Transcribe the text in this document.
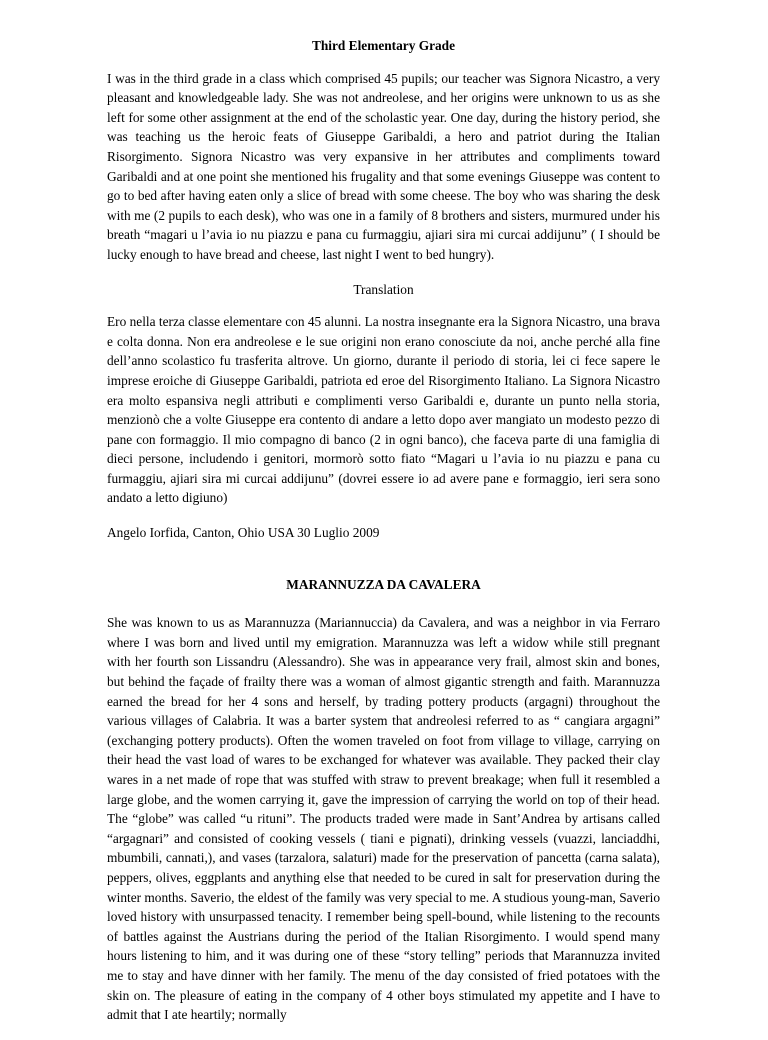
Third Elementary Grade

I was in the third grade in a class which comprised 45 pupils; our teacher was Signora Nicastro, a very pleasant and knowledgeable lady. She was not andreolese, and her origins were unknown to us as she left for some other assignment at the end of the scholastic year. One day, during the history period, she was teaching us the heroic feats of Giuseppe Garibaldi, a hero and patriot during the Italian Risorgimento. Signora Nicastro was very expansive in her attributes and compliments toward Garibaldi and at one point she mentioned his frugality and that some evenings Giuseppe was content to go to bed after having eaten only a slice of bread with some cheese. The boy who was sharing the desk with me (2 pupils to each desk), who was one in a family of 8 brothers and sisters, murmured under his breath “magari u l’avia io nu piazzu e pana cu furmaggiu, ajiari sira mi curcai addijunu” ( I should be lucky enough to have bread and cheese, last night I went to bed hungry).

Translation

Ero nella terza classe elementare con 45 alunni. La nostra insegnante era la Signora Nicastro, una brava e colta donna. Non era andreolese e le sue origini non erano conosciute da noi, anche perché alla fine dell’anno scolastico fu trasferita altrove. Un giorno, durante il periodo di storia, lei ci fece sapere le imprese eroiche di Giuseppe Garibaldi, patriota ed eroe del Risorgimento Italiano. La Signora Nicastro era molto espansiva negli attributi e complimenti verso Garibaldi e, durante un punto nella storia, menzionò che a volte Giuseppe era contento di andare a letto dopo aver mangiato un modesto pezzo di pane con formaggio. Il mio compagno di banco (2 in ogni banco), che faceva parte di una famiglia di dieci persone, includendo i genitori, mormorò sotto fiato “Magari u l’avia io nu piazzu e pana cu furmaggiu, ajiari sira mi curcai addijunu” (dovrei essere io ad avere pane e formaggio, ieri sera sono andato a letto digiuno)

Angelo Iorfida, Canton, Ohio USA 30 Luglio 2009

MARANNUZZA DA CAVALERA

She was known to us as Marannuzza (Mariannuccia) da Cavalera, and was a neighbor in via Ferraro where I was born and lived until my emigration. Marannuzza was left a widow while still pregnant with her fourth son Lissandru (Alessandro). She was in appearance very frail, almost skin and bones, but behind the façade of frailty there was a woman of almost gigantic strength and faith. Marannuzza earned the bread for her 4 sons and herself, by trading pottery products (argagni) throughout the various villages of Calabria. It was a barter system that andreolesi referred to as “ cangiara argagni” (exchanging pottery products). Often the women traveled on foot from village to village, carrying on their head the vast load of wares to be exchanged for whatever was available. They packed their clay wares in a net made of rope that was stuffed with straw to prevent breakage; when full it resembled a large globe, and the women carrying it, gave the impression of carrying the world on top of their head. The “globe” was called “u rituni”. The products traded were made in Sant’Andrea by artisans called “argagnari” and consisted of cooking vessels ( tiani e pignati), drinking vessels (vuazzi, lanciaddhi, mbumbili, cannati,), and vases (tarzalora, salaturi) made for the preservation of pancetta (carna salata), peppers, olives, eggplants and anything else that needed to be cured in salt for preservation during the winter months. Saverio, the eldest of the family was very special to me. A studious young-man, Saverio loved history with unsurpassed tenacity. I remember being spell-bound, while listening to the recounts of battles against the Austrians during the period of the Italian Risorgimento. I would spend many hours listening to him, and it was during one of these “story telling” periods that Marannuzza invited me to stay and have dinner with her family. The menu of the day consisted of fried potatoes with the skin on. The pleasure of eating in the company of 4 other boys stimulated my appetite and I have to admit that I ate heartily; normally
